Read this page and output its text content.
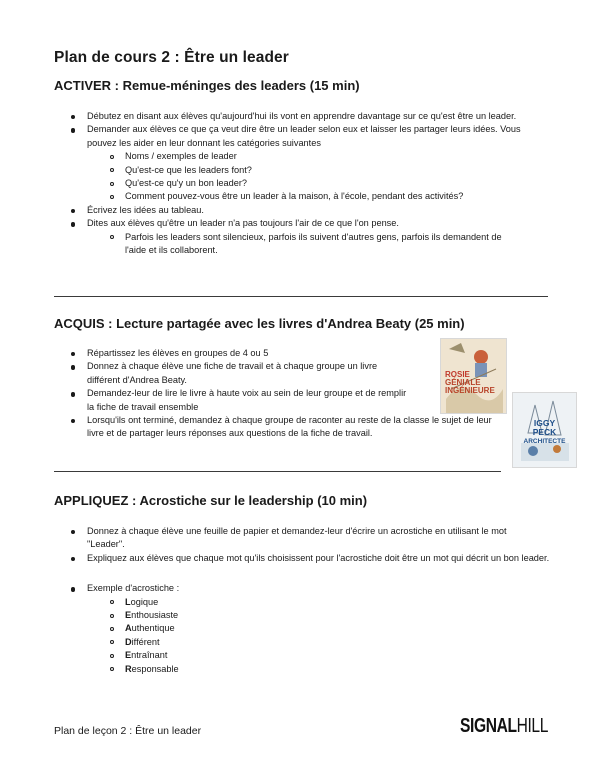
Plan de cours 2 : Être un leader
ACTIVER : Remue-méninges des leaders (15 min)
Débutez en disant aux élèves qu'aujourd'hui ils vont en apprendre davantage sur ce qu'est être un leader.
Demander aux élèves ce que ça veut dire être un leader selon eux et laisser les partager leurs idées. Vous pouvez les aider en leur donnant les catégories suivantes
Noms / exemples de leader
Qu'est-ce que les leaders font?
Qu'est-ce qu'y un bon leader?
Comment pouvez-vous être un leader à la maison, à l'école, pendant des activités?
Écrivez les idées au tableau.
Dites aux élèves qu'être un leader n'a pas toujours l'air de ce que l'on pense.
Parfois les leaders sont silencieux, parfois ils suivent d'autres gens, parfois ils demandent de l'aide et ils collaborent.
ACQUIS : Lecture partagée avec les livres d'Andrea Beaty (25 min)
Répartissez les élèves en groupes de 4 ou 5
Donnez à chaque élève une fiche de travail et à chaque groupe un livre différent d'Andrea Beaty.
Demandez-leur de lire le livre à haute voix au sein de leur groupe et de remplir la fiche de travail ensemble
Lorsqu'ils ont terminé, demandez à chaque groupe de raconter au reste de la classe le sujet de leur livre et de partager leurs réponses aux questions de la fiche de travail.
ROSIE
GÉNIALE
INGÉNIEURE
IGGY
PECK
ARCHITECTE
APPLIQUEZ : Acrostiche sur le leadership (10 min)
Donnez à chaque élève une feuille de papier et demandez-leur d'écrire un acrostiche en utilisant le mot "Leader".
Expliquez aux élèves que chaque mot qu'ils choisissent pour l'acrostiche doit être un mot qui décrit un bon leader.
Exemple d'acrostiche :
Logique
Enthousiaste
Authentique
Différent
Entraînant
Responsable
Plan de leçon 2 : Être un leader	SIGNALHILL
